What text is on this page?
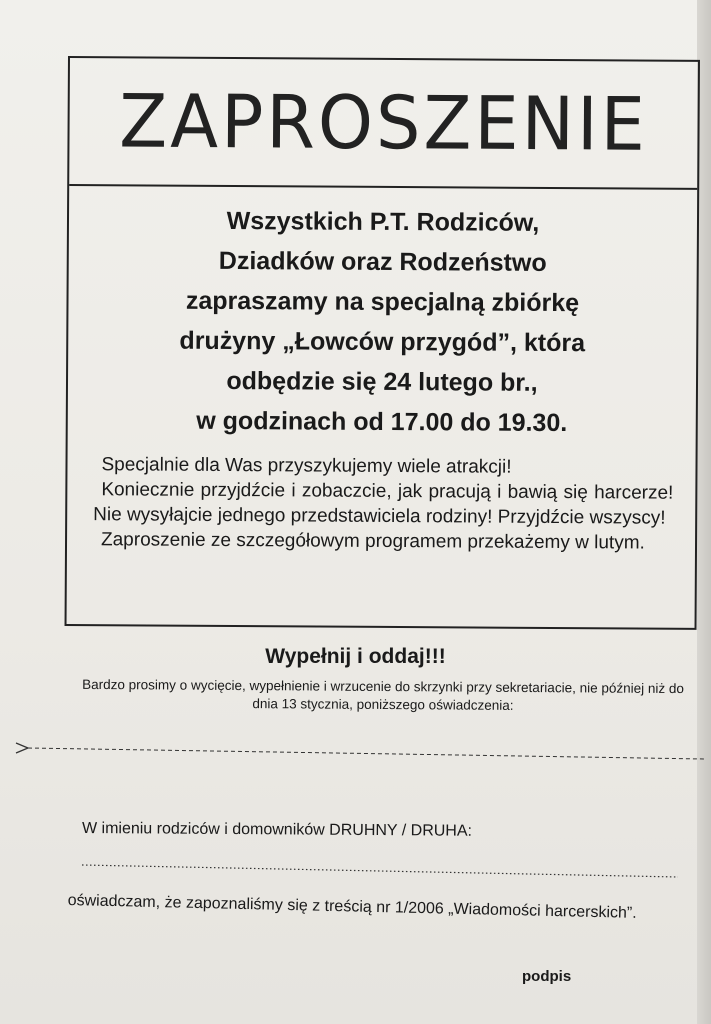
ZAPROSZENIE
Wszystkich P.T. Rodziców,
Dziadków oraz Rodzeństwo
zapraszamy na specjalną zbiórkę
drużyny „Łowców przygód”, która
odbędzie się 24 lutego br.,
w godzinach od 17.00 do 19.30.

Specjalnie dla Was przyszykujemy wiele atrakcji!

Koniecznie przyjdźcie i zobaczcie, jak pracują i bawią się harcerze! Nie wysyłajcie jednego przedstawiciela rodziny! Przyjdźcie wszyscy!

Zaproszenie ze szczegółowym programem przekażemy w lutym.

Wypełnij i oddaj!!!
Bardzo prosimy o wycięcie, wypełnienie i wrzucenie do skrzynki przy sekretariacie, nie później niż do dnia 13 stycznia, poniższego oświadczenia:
W imieniu rodziców i domowników DRUHNY / DRUHA:
oświadczam, że zapoznaliśmy się z treścią nr 1/2006 „Wiadomości harcerskich”.
podpis
